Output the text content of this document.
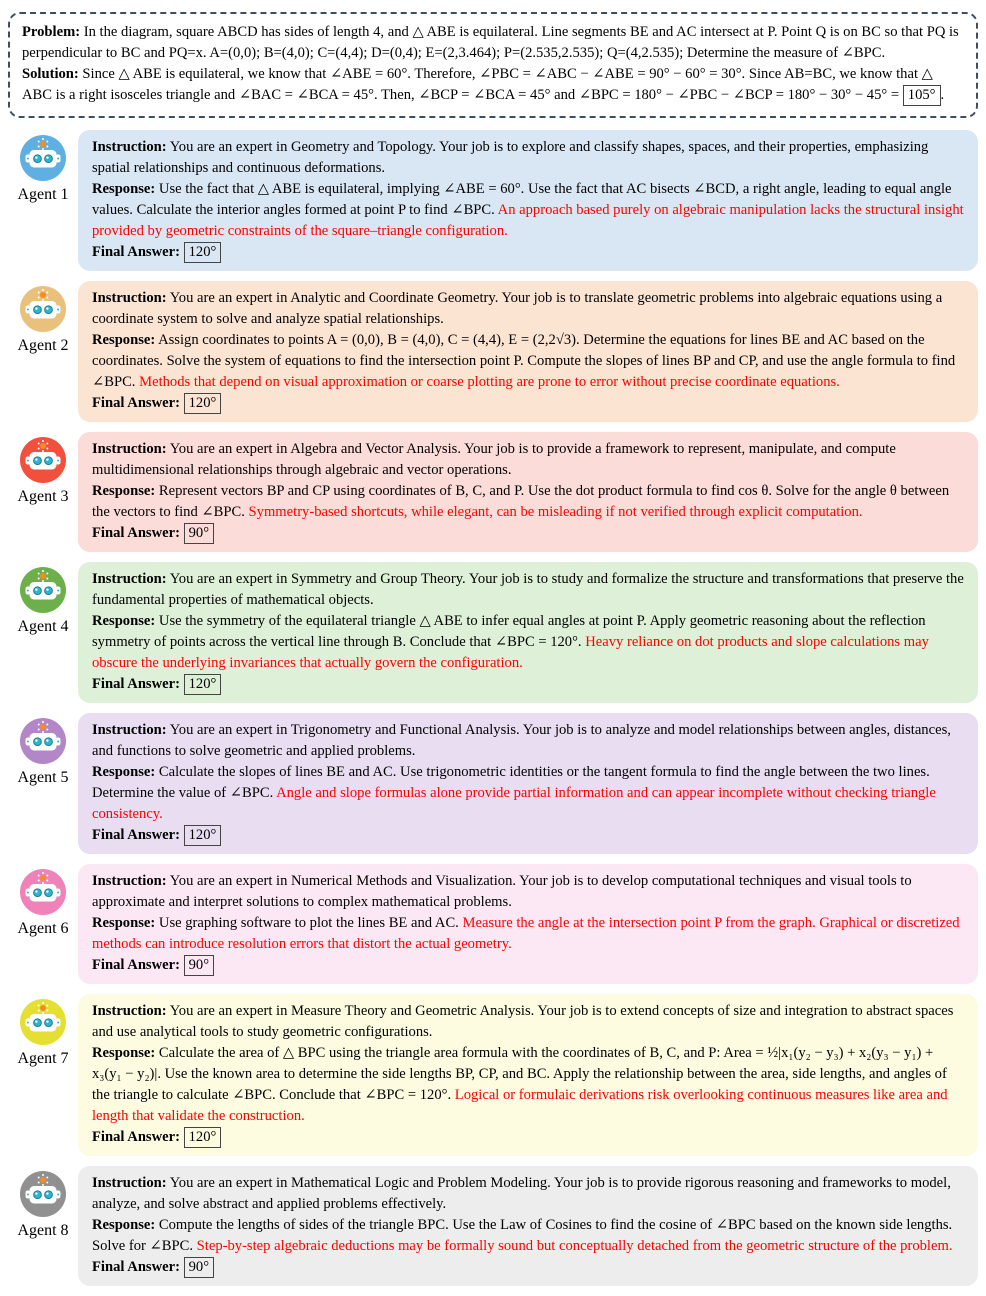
Problem: In the diagram, square ABCD has sides of length 4, and △ ABE is equilateral. Line segments BE and AC intersect at P. Point Q is on BC so that PQ is perpendicular to BC and PQ=x. A=(0,0); B=(4,0); C=(4,4); D=(0,4); E=(2,3.464); P=(2.535,2.535); Q=(4,2.535); Determine the measure of ∠BPC.
Solution: Since △ ABE is equilateral, we know that ∠ABE = 60°. Therefore, ∠PBC = ∠ABC − ∠ABE = 90° − 60° = 30°. Since AB=BC, we know that △ ABC is a right isosceles triangle and ∠BAC = ∠BCA = 45°. Then, ∠BCP = ∠BCA = 45° and ∠BPC = 180° − ∠PBC − ∠BCP = 180° − 30° − 45° = 105° .
Agent 1

Instruction: You are an expert in Geometry and Topology. Your job is to explore and classify shapes, spaces, and their properties, emphasizing spatial relationships and continuous deformations.

Response: Use the fact that △ ABE is equilateral, implying ∠ABE = 60°. Use the fact that AC bisects ∠BCD, a right angle, leading to equal angle values. Calculate the interior angles formed at point P to find ∠BPC. An approach based purely on algebraic manipulation lacks the structural insight provided by geometric constraints of the square–triangle configuration.

Final Answer: 120°

Agent 2

Instruction: You are an expert in Analytic and Coordinate Geometry. Your job is to translate geometric problems into algebraic equations using a coordinate system to solve and analyze spatial relationships.

Response: Assign coordinates to points A = (0,0), B = (4,0), C = (4,4), E = (2,2√3). Determine the equations for lines BE and AC based on the coordinates. Solve the system of equations to find the intersection point P. Compute the slopes of lines BP and CP, and use the angle formula to find ∠BPC. Methods that depend on visual approximation or coarse plotting are prone to error without precise coordinate equations.

Final Answer: 120°

Agent 3

Instruction: You are an expert in Algebra and Vector Analysis. Your job is to provide a framework to represent, manipulate, and compute multidimensional relationships through algebraic and vector operations.

Response: Represent vectors BP and CP using coordinates of B, C, and P. Use the dot product formula to find cos θ. Solve for the angle θ between the vectors to find ∠BPC. Symmetry-based shortcuts, while elegant, can be misleading if not verified through explicit computation.

Final Answer: 90°

Agent 4

Instruction: You are an expert in Symmetry and Group Theory. Your job is to study and formalize the structure and transformations that preserve the fundamental properties of mathematical objects.

Response: Use the symmetry of the equilateral triangle △ ABE to infer equal angles at point P. Apply geometric reasoning about the reflection symmetry of points across the vertical line through B. Conclude that ∠BPC = 120°. Heavy reliance on dot products and slope calculations may obscure the underlying invariances that actually govern the configuration.

Final Answer: 120°

Agent 5

Instruction: You are an expert in Trigonometry and Functional Analysis. Your job is to analyze and model relationships between angles, distances, and functions to solve geometric and applied problems.

Response: Calculate the slopes of lines BE and AC. Use trigonometric identities or the tangent formula to find the angle between the two lines. Determine the value of ∠BPC. Angle and slope formulas alone provide partial information and can appear incomplete without checking triangle consistency.

Final Answer: 120°

Agent 6

Instruction: You are an expert in Numerical Methods and Visualization. Your job is to develop computational techniques and visual tools to approximate and interpret solutions to complex mathematical problems.

Response: Use graphing software to plot the lines BE and AC. Measure the angle at the intersection point P from the graph. Graphical or discretized methods can introduce resolution errors that distort the actual geometry.

Final Answer: 90°

Agent 7

Instruction: You are an expert in Measure Theory and Geometric Analysis. Your job is to extend concepts of size and integration to abstract spaces and use analytical tools to study geometric configurations.

Response: Calculate the area of △ BPC using the triangle area formula with the coordinates of B, C, and P: Area = ½|x₁(y₂ − y₃) + x₂(y₃ − y₁) + x₃(y₁ − y₂)|. Use the known area to determine the side lengths BP, CP, and BC. Apply the relationship between the area, side lengths, and angles of the triangle to calculate ∠BPC. Conclude that ∠BPC = 120°. Logical or formulaic derivations risk overlooking continuous measures like area and length that validate the construction.

Final Answer: 120°

Agent 8

Instruction: You are an expert in Mathematical Logic and Problem Modeling. Your job is to provide rigorous reasoning and frameworks to model, analyze, and solve abstract and applied problems effectively.

Response: Compute the lengths of sides of the triangle BPC. Use the Law of Cosines to find the cosine of ∠BPC based on the known side lengths. Solve for ∠BPC. Step-by-step algebraic deductions may be formally sound but conceptually detached from the geometric structure of the problem.

Final Answer: 90°
